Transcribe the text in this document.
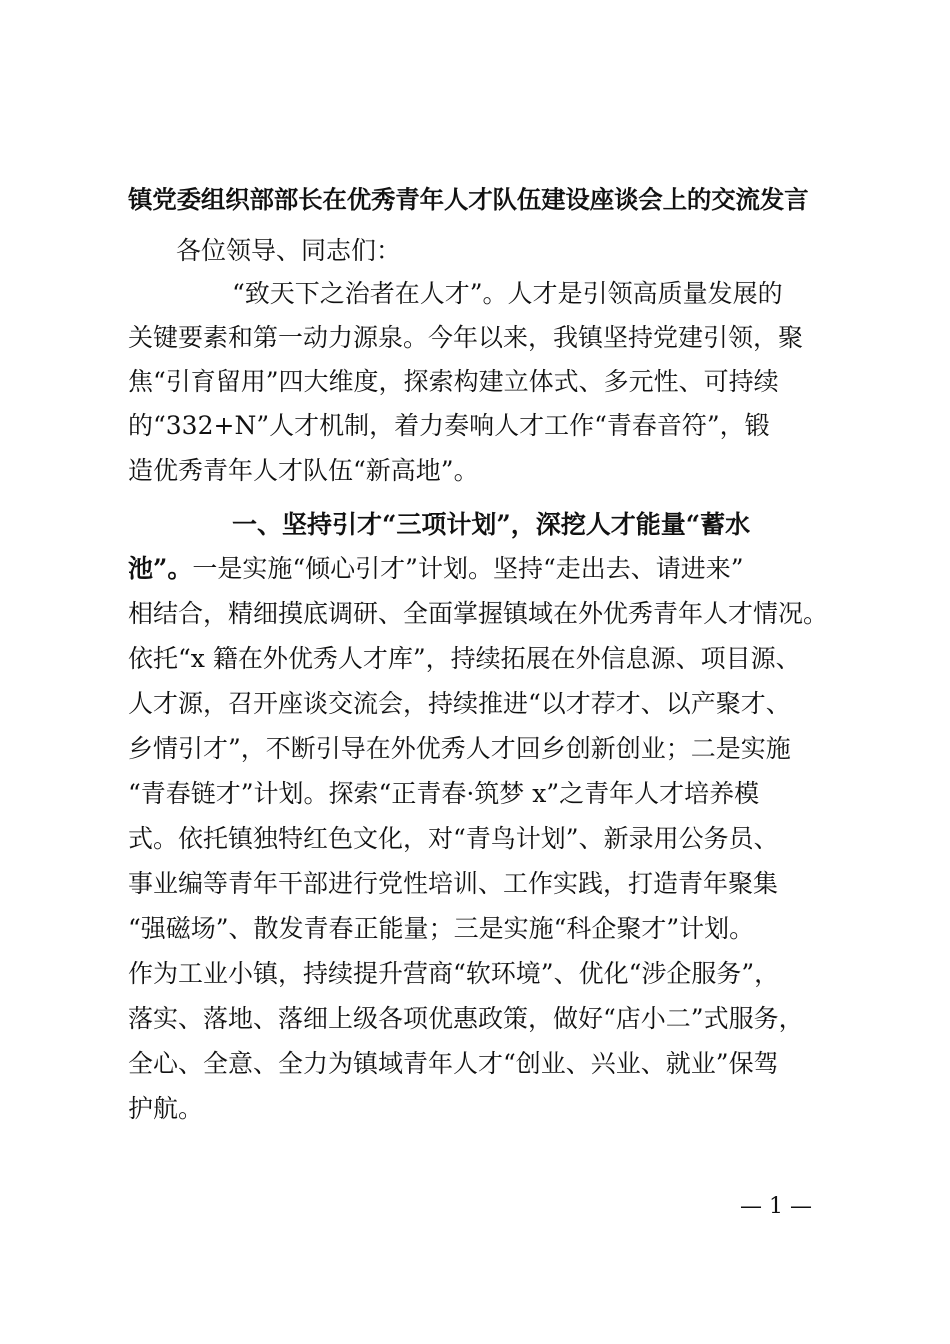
镇党委组织部部长在优秀青年人才队伍建设座谈会上的交流发言
各位领导、同志们：
“致天下之治者在人才”。人才是引领高质量发展的
关键要素和第一动力源泉。今年以来，我镇坚持党建引领，聚
焦“引育留用”四大维度，探索构建立体式、多元性、可持续
的“332+N”人才机制，着力奏响人才工作“青春音符”，锻
造优秀青年人才队伍“新高地”。
一、坚持引才“三项计划”，深挖人才能量“蓄水
池”。一是实施“倾心引才”计划。坚持“走出去、请进来”
相结合，精细摸底调研、全面掌握镇域在外优秀青年人才情况。
依托“x 籍在外优秀人才库”，持续拓展在外信息源、项目源、
人才源，召开座谈交流会，持续推进“以才荐才、以产聚才、
乡情引才”，不断引导在外优秀人才回乡创新创业；二是实施
“青春链才”计划。探索“正青春·筑梦 x”之青年人才培养模
式。依托镇独特红色文化，对“青鸟计划”、新录用公务员、
事业编等青年干部进行党性培训、工作实践，打造青年聚集
“强磁场”、散发青春正能量；三是实施“科企聚才”计划。
作为工业小镇，持续提升营商“软环境”、优化“涉企服务”，
落实、落地、落细上级各项优惠政策，做好“店小二”式服务，
全心、全意、全力为镇域青年人才“创业、兴业、就业”保驾
护航。
— 1 —
